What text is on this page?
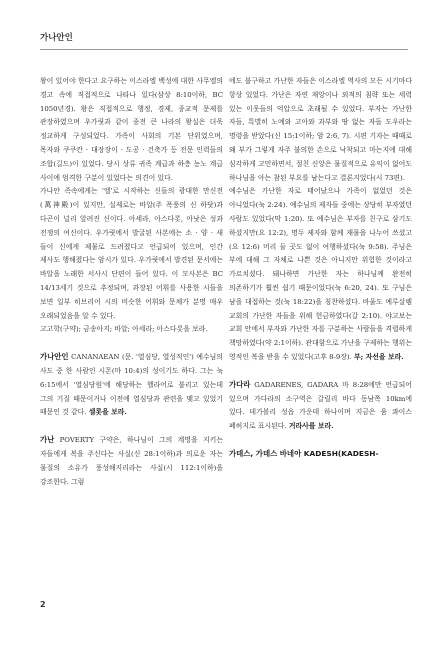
가나안인

왕이 있어야 한다고 요구하는 이스라엘 백성에 대한 사무엘의 경고 속에 직접적으로 나타나 있다(삼상 8:10이하, BC 1050년경). 왕은 직접적으로 행정, 경제, 종교적 문제를 관장하였으며 우가릿과 같이 종전 큰 나라의 왕실은 더욱 정교하게 구성되었다. 가족이 사회의 기본 단위였으며, 목자와 쿠쿠칸 · 대장장이 · 도공 · 건축가 등 전문 인력들의 조합(길드)이 있었다. 당시 상류 귀족 계급과 하층 농노 계급 사이에 엄격한 구분이 있었다는 의견이 있다.

가나안 족속에게는 '엘'로 시작하는 신들의 광대한 만신전(萬神殿)이 있지만, 실제로는 바알(주 폭풍의 신 하닷)과 다곤이 널리 알려진 신이다. 아세라, 아스다롯, 아낫은 성과 전쟁의 여신이다. 우가릿에서 발굴된 사본에는 소 · 양 · 새 들이 신에게 제물로 드려졌다고 언급되어 있으며, 인간 제사도 행해졌다는 암시가 있다. 우가릿에서 발견된 문서에는 바알을 노래한 서사시 단편이 들어 있다. 이 모사본은 BC 14/13세기 것으로 추정되며, 과장된 어휘를 사용한 시들을 보면 일부 히브리어 시의 비슷한 어휘와 문체가 분명 매우 오래되었음을 알 수 있다.

고고학(구약); 금송아지; 바알; 아세라; 아스다롯을 보라.

가나안인 CANANAEAN (문. '열심당, 열성적인') 예수님의 사도 중 한 사람인 시몬(마 10:4)의 성이기도 하다. 그는 눅 6:15에서 '열심당원'에 해당하는 헬라어로 불리고 있는데 그의 기질 때문이거나 이전에 열심당과 관련을 맺고 있었기 때문인 것 같다. 셀롯을 보라.

가난 POVERTY 구약은, 하나님이 그의 계명을 지키는 자들에게 복을 주신다는 사실(신 28:1이하)과 의로운 자는 물질의 소유가 풍성해지리라는 사실(시 112:1이하)을 강조한다. 그럼

에도 불구하고 가난한 자들은 이스라엘 역사의 모든 시기마다 항상 있었다. 가난은 자연 재앙이나 외적의 침략 또는 세력 있는 이웃들의 억압으로 초래될 수 있었다. 부자는 가난한 자들, 특별히 노예와 고아와 과부와 땅 없는 자들 도우라는 명령을 받았다(신 15:1이하; 암 2:6, 7). 시편 기자는 때때로 왜 부가 그렇게 자주 불의한 손으로 낙착되고 마는지에 대해 심각하게 고민하면서, 절친 신앙은 물질적으로 유익이 없어도 하나님을 아는 참된 부요를 남는다고 결론지었다(시 73편).

예수님은 가난한 자로 태어났으나 가족이 없었던 것은 아니었다(눅 2:24). 예수님의 제자들 중에는 상당히 부자였던 사람도 있었다(막 1:20). 또 예수님은 부자를 친구로 삼기도 하셨지만(요 12:2), 명두 제자와 함께 재물을 나누어 쓰셨고(요 12:6) 머리 둘 곳도 없이 여행하셨다(눅 9:58). 주님은 부에 대해 그 자체로 나쁜 것은 아니지만 위험한 것이라고 가르치셨다. 돼나하면 가난한 자는 하나님께 완전히 의존하기가 훨씬 쉽기 때문이었다(눅 6:20, 24). 또 구님은 남을 대접하는 것(눅 18:22)을 칭찬하셨다. 바울도 예루살렘 교회의 가난한 자들을 위해 헌금하였다(갈 2:10). 야고보는 교회 안에서 부자와 가난한 자를 구분하는 사람들을 격렬하게 책망하였다(약 2:1이하). 관대함으로 가난을 구제하는 행위는 영적인 복을 받을 수 있었다(고후 8-9장). 부; 자선을 보라.

가다라 GADARENES, GADARA 마 8:28에만 언급되어 있으며 가다라의 소구역은 갈릴리 바다 동남쪽 10km에 있다. 데가볼리 성읍 가운데 하나이며 지금은 움 콰이스 폐허지로 표시된다. 거라사를 보라.

가데스, 가데스 바네아 KADESH(KADESH-

2
